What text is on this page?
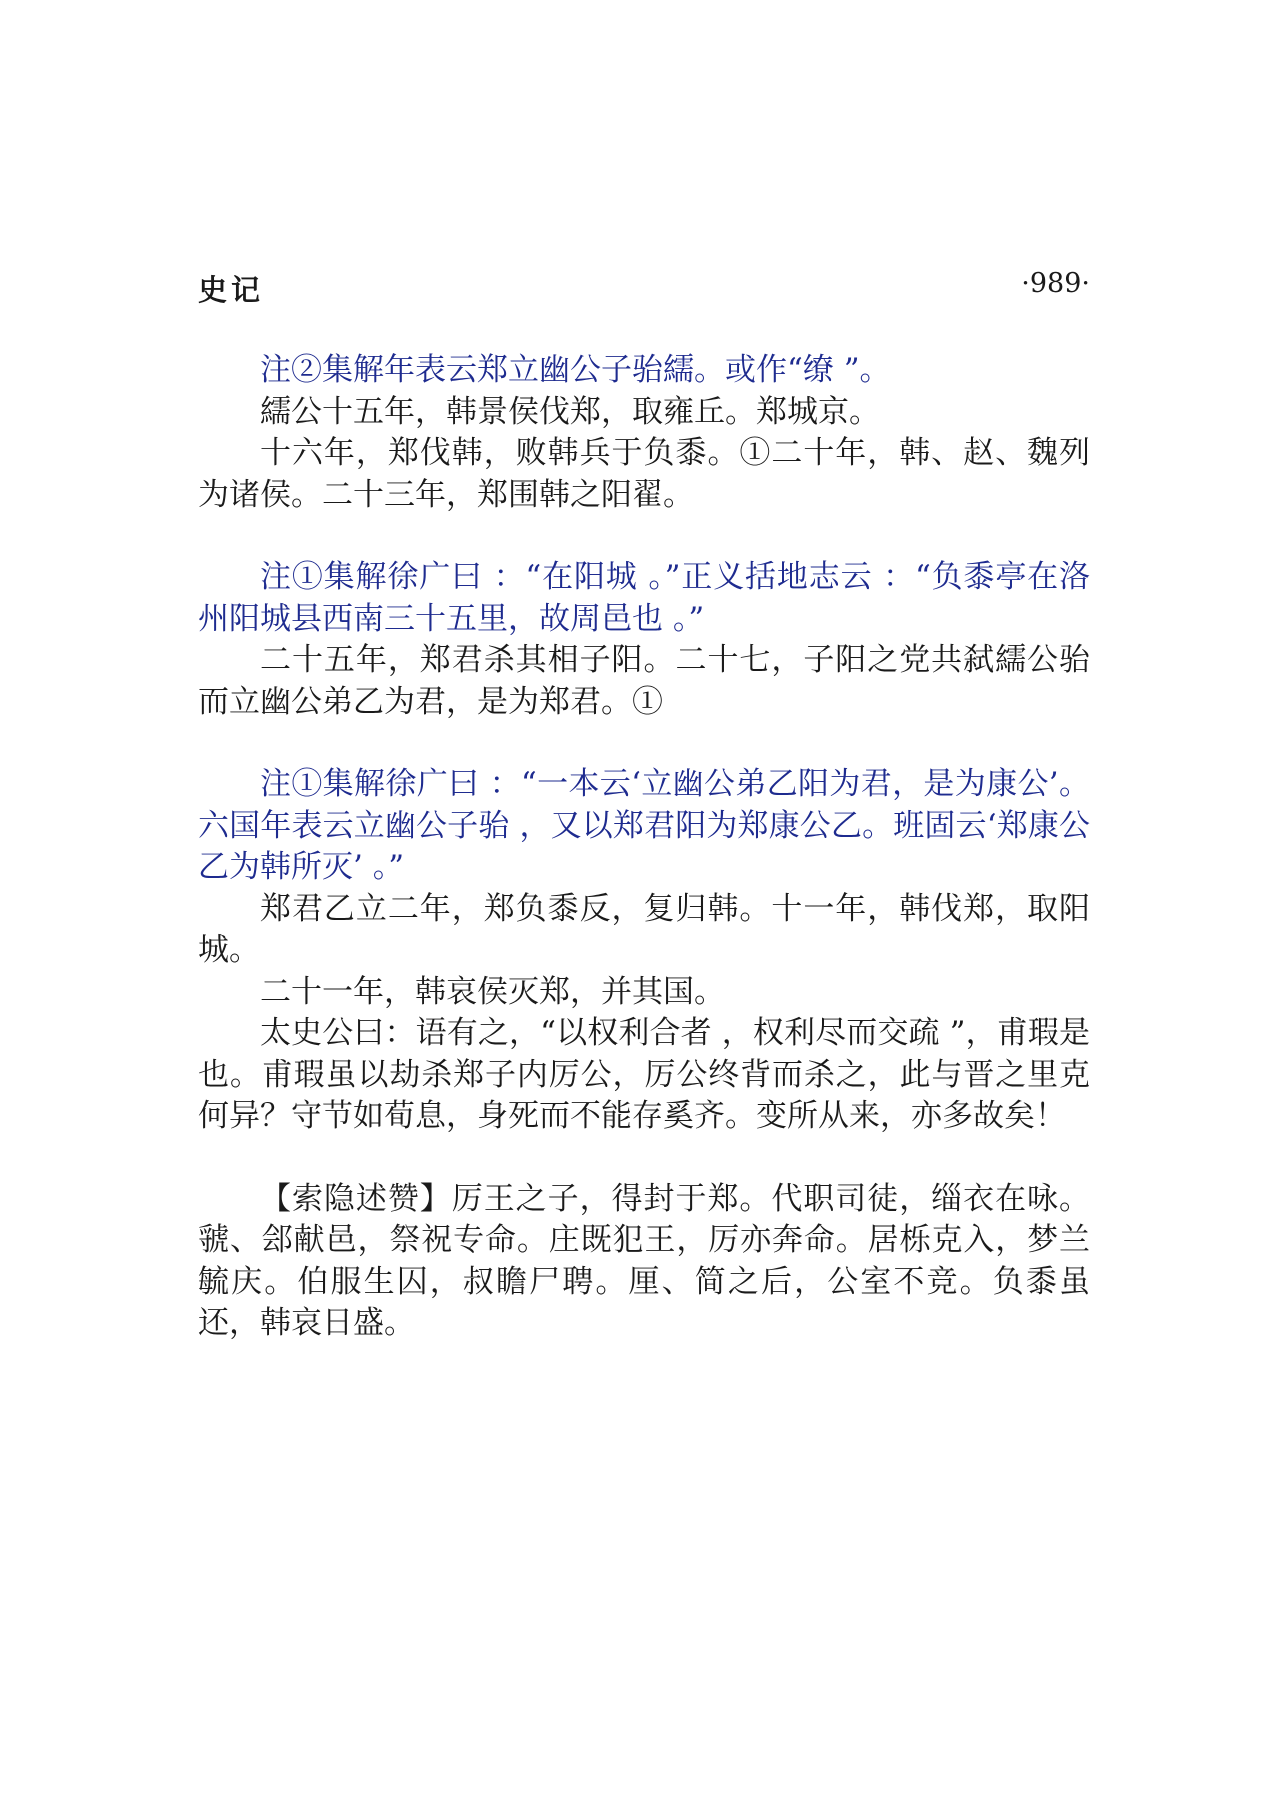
史记	·989·

注②集解年表云郑立幽公子骀繻。或作“缭 ”。

繻公十五年，韩景侯伐郑，取雍丘。郑城京。

十六年，郑伐韩，败韩兵于负黍。①二十年，韩、赵、魏列为诸侯。二十三年，郑围韩之阳翟。

注①集解徐广曰 ：“在阳城 。”正义括地志云 ：“负黍亭在洛州阳城县西南三十五里，故周邑也 。”

二十五年，郑君杀其相子阳。二十七，子阳之党共弑繻公骀而立幽公弟乙为君，是为郑君。①

注①集解徐广曰 ：“一本云‘立幽公弟乙阳为君，是为康公’。六国年表云立幽公子骀 ，又以郑君阳为郑康公乙。班固云‘郑康公乙为韩所灭’ 。”

郑君乙立二年，郑负黍反，复归韩。十一年，韩伐郑，取阳城。

二十一年，韩哀侯灭郑，并其国。

太史公曰：语有之，“以权利合者 ，权利尽而交疏 ”，甫瑕是也。甫瑕虽以劫杀郑子内厉公，厉公终背而杀之，此与晋之里克何异？守节如荀息，身死而不能存奚齐。变所从来，亦多故矣！

【索隐述赞】厉王之子，得封于郑。代职司徒，缁衣在咏。虢、郐献邑，祭祝专命。庄既犯王，厉亦奔命。居栎克入，梦兰毓庆。伯服生囚，叔瞻尸聘。厘、简之后，公室不竞。负黍虽还，韩哀日盛。
